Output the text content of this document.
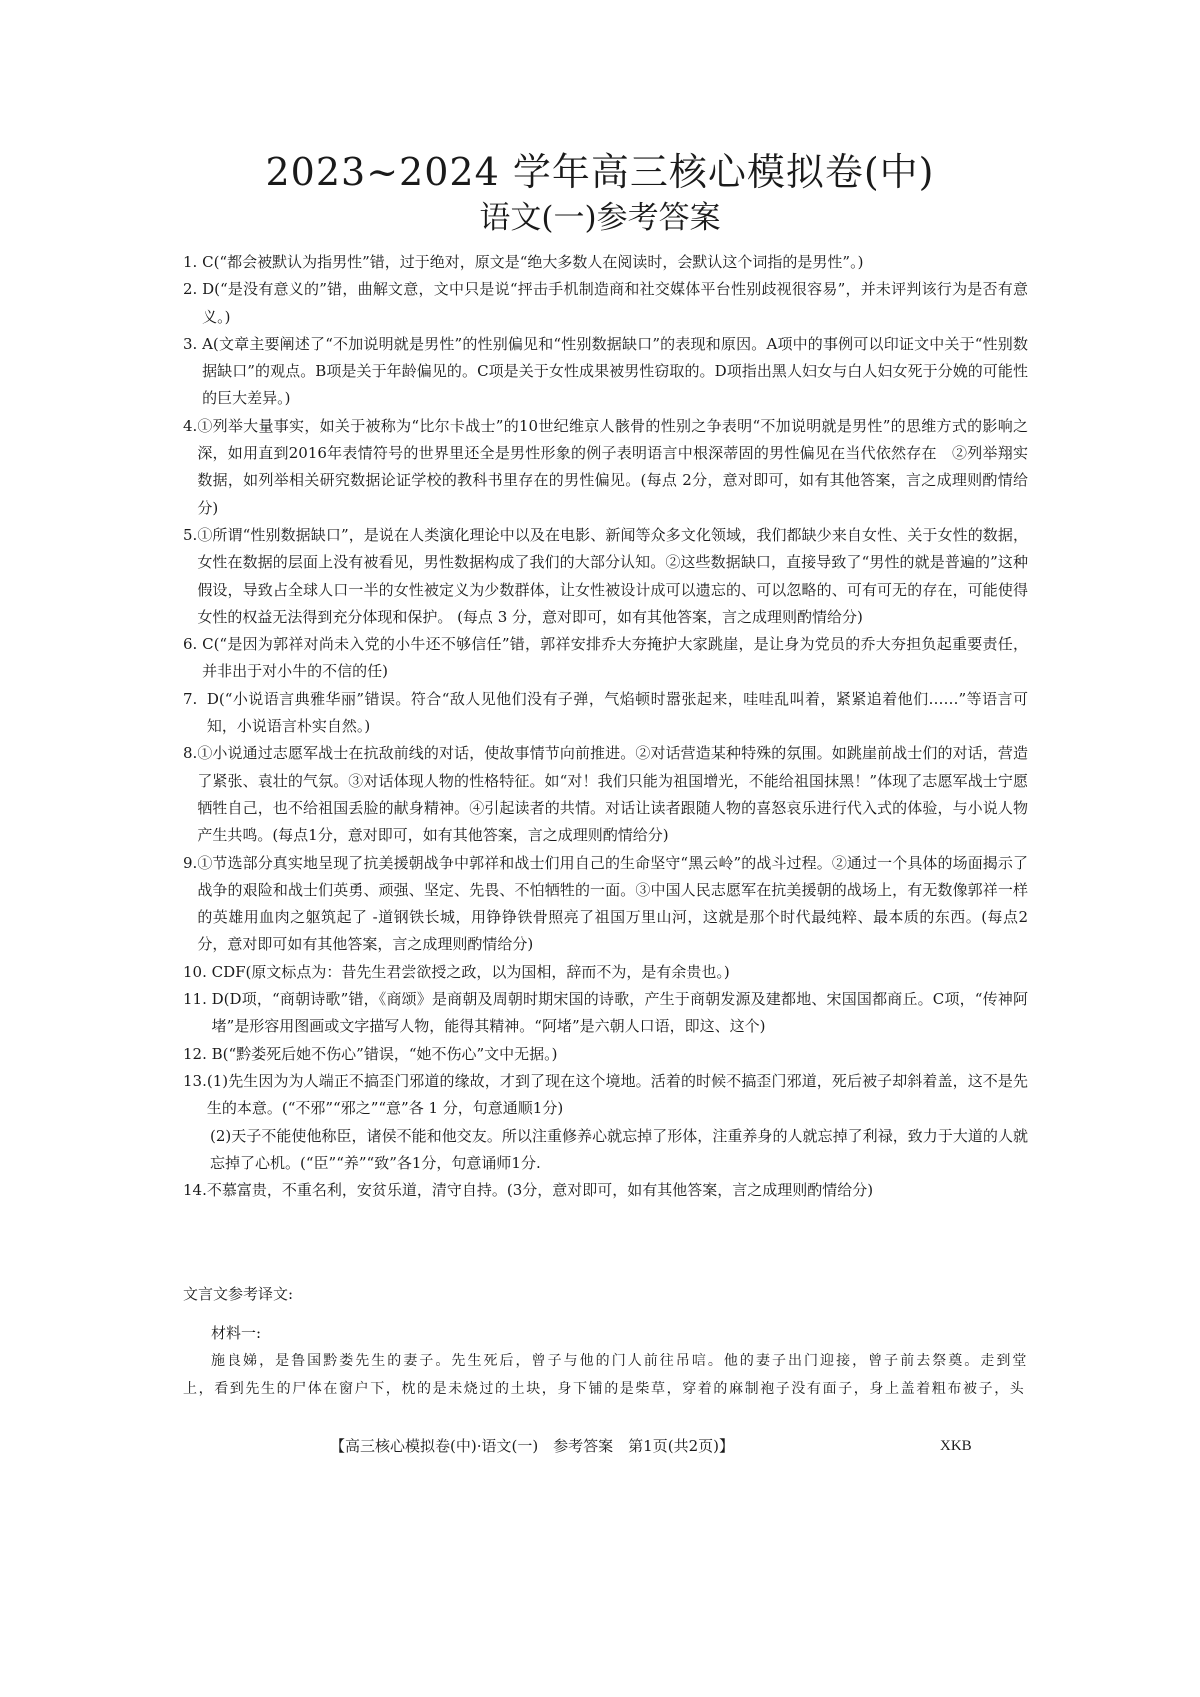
2023~2024 学年高三核心模拟卷(中)
语文(一)参考答案
1. C(“都会被默认为指男性”错，过于绝对，原文是“绝大多数人在阅读时，会默认这个词指的是男性”。)
2. D(“是没有意义的”错，曲解文意，文中只是说“抨击手机制造商和社交媒体平台性别歧视很容易”，并未评判该行为是否有意义。)
3. A(文章主要阐述了“不加说明就是男性”的性别偏见和“性别数据缺口”的表现和原因。A项中的事例可以印证文中关于“性别数据缺口”的观点。B项是关于年龄偏见的。C项是关于女性成果被男性窃取的。D项指出黑人妇女与白人妇女死于分娩的可能性的巨大差异。)
4. ①列举大量事实，如关于被称为“比尔卡战士”的10世纪维京人骸骨的性别之争表明“不加说明就是男性”的思维方式的影响之深，如用直到2016年表情符号的世界里还全是男性形象的例子表明语言中根深蒂固的男性偏见在当代依然存在　②列举翔实数据，如列举相关研究数据论证学校的教科书里存在的男性偏见。(每点 2分，意对即可，如有其他答案，言之成理则酌情给分)
5. ①所谓“性别数据缺口”，是说在人类演化理论中以及在电影、新闻等众多文化领域，我们都缺少来自女性、关于女性的数据，女性在数据的层面上没有被看见，男性数据构成了我们的大部分认知。②这些数据缺口，直接导致了“男性的就是普遍的”这种假设，导致占全球人口一半的女性被定义为少数群体，让女性被设计成可以遗忘的、可以忽略的、可有可无的存在，可能使得女性的权益无法得到充分体现和保护。 (每点 3 分，意对即可，如有其他答案，言之成理则酌情给分)
6. C(“是因为郭祥对尚未入党的小牛还不够信任”错，郭祥安排乔大夯掩护大家跳崖，是让身为党员的乔大夯担负起重要责任，并非出于对小牛的不信的任)
7. D(“小说语言典雅华丽”错误。符合“敌人见他们没有子弹，气焰顿时嚣张起来，哇哇乱叫着，紧紧追着他们……”等语言可知，小说语言朴实自然。)
8. ①小说通过志愿军战士在抗敌前线的对话，使故事情节向前推进。②对话营造某种特殊的氛围。如跳崖前战士们的对话，营造了紧张、袁壮的气氛。③对话体现人物的性格特征。如“对！我们只能为祖国增光，不能给祖国抹黑！”体现了志愿军战士宁愿牺牲自己，也不给祖国丢脸的献身精神。④引起读者的共情。对话让读者跟随人物的喜怒哀乐进行代入式的体验，与小说人物产生共鸣。(每点1分，意对即可，如有其他答案，言之成理则酌情给分)
9. ①节选部分真实地呈现了抗美援朝战争中郭祥和战士们用自己的生命坚守“黑云岭”的战斗过程。②通过一个具体的场面揭示了战争的艰险和战士们英勇、顽强、坚定、先畏、不怕牺牲的一面。③中国人民志愿军在抗美援朝的战场上，有无数像郭祥一样的英雄用血肉之躯筑起了 -道钢铁长城，用铮铮铁骨照亮了祖国万里山河，这就是那个时代最纯粹、最本质的东西。(每点2分，意对即可如有其他答案，言之成理则酌情给分)
10. CDF(原文标点为：昔先生君尝欲授之政，以为国相，辞而不为，是有余贵也。)
11. D(D项，“商朝诗歌”错，《商颂》是商朝及周朝时期宋国的诗歌，产生于商朝发源及建都地、宋国国都商丘。C项，“传神阿堵”是形容用图画或文字描写人物，能得其精神。“阿堵”是六朝人口语，即这、这个)
12. B(“黔娄死后她不伤心”错误，“她不伤心”文中无据。)
13. (1)先生因为为人端正不搞歪门邪道的缘故，才到了现在这个境地。活着的时候不搞歪门邪道，死后被子却斜着盖，这不是先生的本意。(“不邪”“邪之”“意”各 1 分，句意通顺1分)
(2)天子不能使他称臣，诸侯不能和他交友。所以注重修养心就忘掉了形体，注重养身的人就忘掉了利禄，致力于大道的人就忘掉了心机。(“臣”“养”“致”各1分，句意诵师1分.
14. 不慕富贵，不重名利，安贫乐道，清守自持。(3分，意对即可，如有其他答案，言之成理则酌情给分)
文言文参考译文:
材料一:
施良娣，是鲁国黔娄先生的妻子。先生死后，曾子与他的门人前往吊唁。他的妻子出门迎接，曾子前去祭奠。走到堂上，看到先生的尸体在窗户下，枕的是未烧过的土块，身下铺的是柴草，穿着的麻制袍子没有面子，身上盖着粗布被子，头
【高三核心模拟卷(中)·语文(一)　参考答案　第1页(共2页)】	XKB
